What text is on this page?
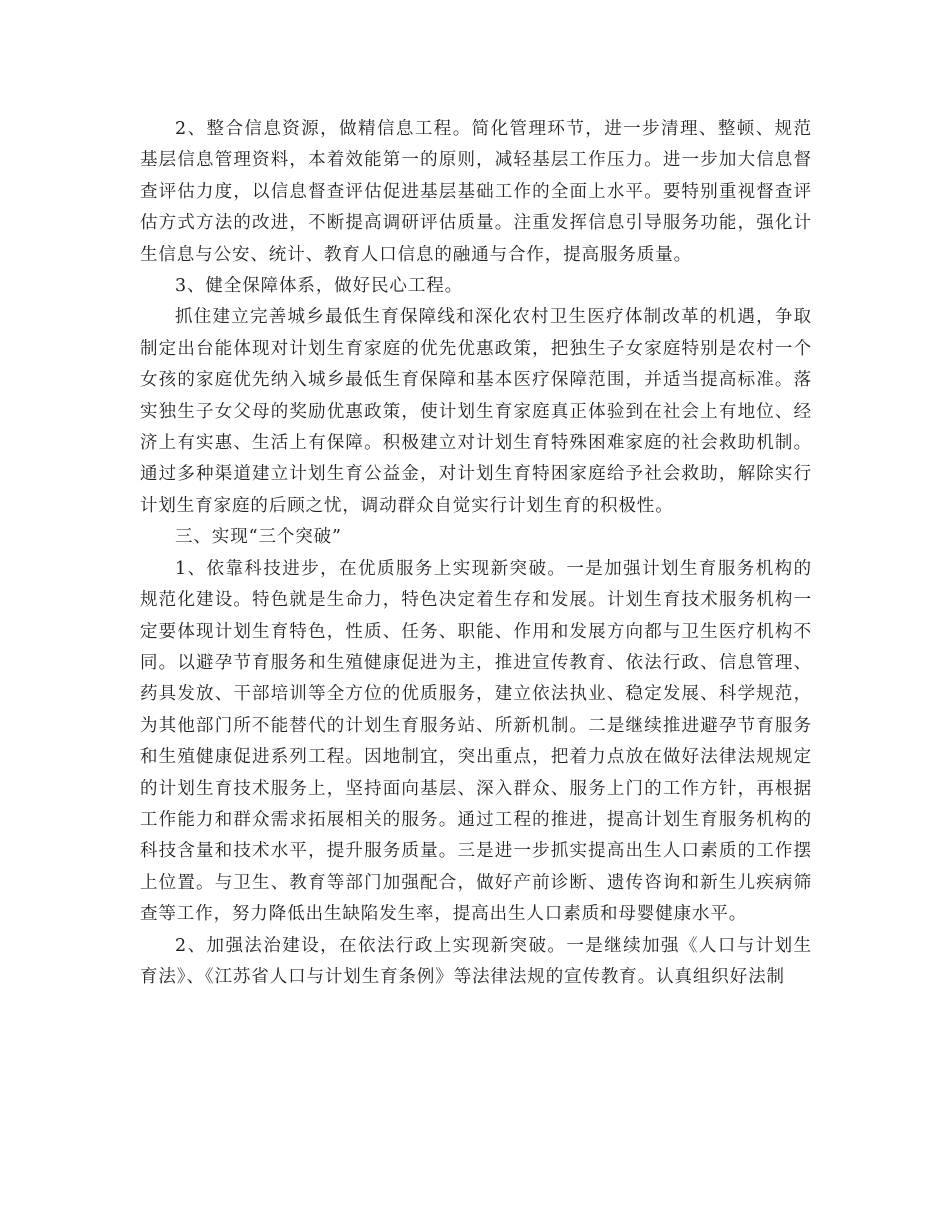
2、整合信息资源，做精信息工程。简化管理环节，进一步清理、整顿、规范基层信息管理资料，本着效能第一的原则，减轻基层工作压力。进一步加大信息督查评估力度，以信息督查评估促进基层基础工作的全面上水平。要特别重视督查评估方式方法的改进，不断提高调研评估质量。注重发挥信息引导服务功能，强化计生信息与公安、统计、教育人口信息的融通与合作，提高服务质量。

3、健全保障体系，做好民心工程。

抓住建立完善城乡最低生育保障线和深化农村卫生医疗体制改革的机遇，争取制定出台能体现对计划生育家庭的优先优惠政策，把独生子女家庭特别是农村一个女孩的家庭优先纳入城乡最低生育保障和基本医疗保障范围，并适当提高标准。落实独生子女父母的奖励优惠政策，使计划生育家庭真正体验到在社会上有地位、经济上有实惠、生活上有保障。积极建立对计划生育特殊困难家庭的社会救助机制。通过多种渠道建立计划生育公益金，对计划生育特困家庭给予社会救助，解除实行计划生育家庭的后顾之忧，调动群众自觉实行计划生育的积极性。

三、实现“三个突破”

1、依靠科技进步，在优质服务上实现新突破。一是加强计划生育服务机构的规范化建设。特色就是生命力，特色决定着生存和发展。计划生育技术服务机构一定要体现计划生育特色，性质、任务、职能、作用和发展方向都与卫生医疗机构不同。以避孕节育服务和生殖健康促进为主，推进宣传教育、依法行政、信息管理、药具发放、干部培训等全方位的优质服务，建立依法执业、稳定发展、科学规范，为其他部门所不能替代的计划生育服务站、所新机制。二是继续推进避孕节育服务和生殖健康促进系列工程。因地制宜，突出重点，把着力点放在做好法律法规规定的计划生育技术服务上，坚持面向基层、深入群众、服务上门的工作方针，再根据工作能力和群众需求拓展相关的服务。通过工程的推进，提高计划生育服务机构的科技含量和技术水平，提升服务质量。三是进一步抓实提高出生人口素质的工作摆上位置。与卫生、教育等部门加强配合，做好产前诊断、遗传咨询和新生儿疾病筛查等工作，努力降低出生缺陷发生率，提高出生人口素质和母婴健康水平。

2、加强法治建设，在依法行政上实现新突破。一是继续加强《人口与计划生育法》、《江苏省人口与计划生育条例》等法律法规的宣传教育。认真组织好法制
